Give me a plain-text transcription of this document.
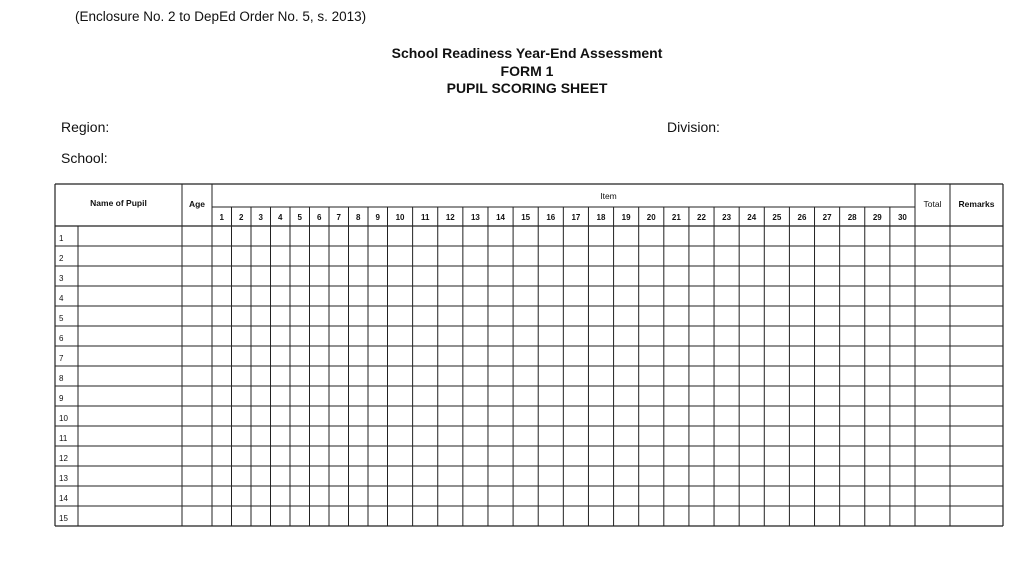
(Enclosure No. 2 to DepEd Order No. 5, s. 2013)
School Readiness Year-End Assessment
FORM 1
PUPIL SCORING SHEET
Region:	Division:
School:
Name of Pupil	Age
Item
Total Remarks
1 2 3 4 5 6 7 8 9 10 11 12 13 14 15 16 17 18 19 20 21 22 23 24 25 26 27 28 29 30
1
2
3
4
5
6
7
8
9
10
11
12
13
14
15
